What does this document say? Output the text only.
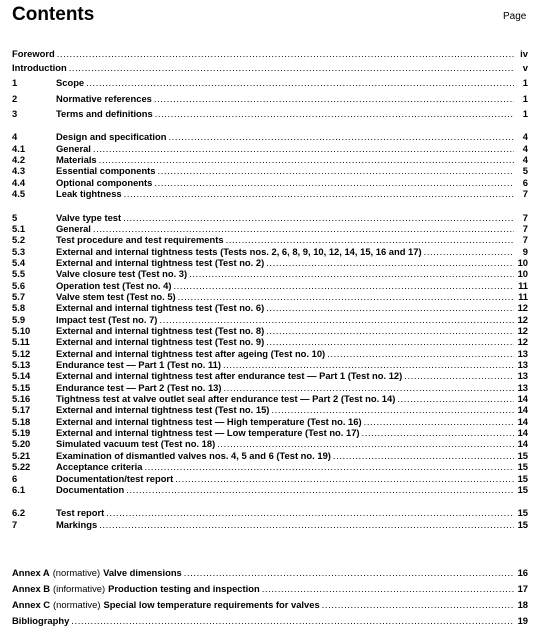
Contents	Page
Foreword .....	iv
Introduction .....	v
1	Scope .....	1
2	Normative references .....	1
3	Terms and definitions .....	1
4	Design and specification .....	4
4.1	General .....	4
4.2	Materials .....	4
4.3	Essential components .....	5
4.4	Optional components .....	6
4.5	Leak tightness .....	7
5	Valve type test .....	7
5.1	General .....	7
5.2	Test procedure and test requirements .....	7
5.3	External and internal tightness tests (Tests nos. 2, 6, 8, 9, 10, 12, 14, 15, 16 and 17) .....	9
5.4	External and internal tightness test (Test no. 2) .....	10
5.5	Valve closure test (Test no. 3) .....	10
5.6	Operation test (Test no. 4) .....	11
5.7	Valve stem test (Test no. 5) .....	11
5.8	External and internal tightness test (Test no. 6) .....	12
5.9	Impact test (Test no. 7) .....	12
5.10	External and internal tightness test (Test no. 8) .....	12
5.11	External and internal tightness test (Test no. 9) .....	12
5.12	External and internal tightness test after ageing (Test no. 10) .....	13
5.13	Endurance test — Part 1 (Test no. 11) .....	13
5.14	External and internal tightness test after endurance test — Part 1 (Test no. 12) .....	13
5.15	Endurance test — Part 2 (Test no. 13) .....	13
5.16	Tightness test at valve outlet seal after endurance test — Part 2 (Test no. 14) .....	14
5.17	External and internal tightness test (Test no. 15) .....	14
5.18	External and internal tightness test — High temperature (Test no. 16) .....	14
5.19	External and internal tightness test — Low temperature (Test no. 17) .....	14
5.20	Simulated vacuum test (Test no. 18) .....	14
5.21	Examination of dismantled valves nos. 4, 5 and 6 (Test no. 19) .....	15
5.22	Acceptance criteria .....	15
6	Documentation/test report .....	15
6.1	Documentation .....	15
6.2	Test report .....	15
7	Markings .....	15
Annex A (normative) Valve dimensions .....	16
Annex B (informative) Production testing and inspection .....	17
Annex C (normative) Special low temperature requirements for valves .....	18
Bibliography .....	19
